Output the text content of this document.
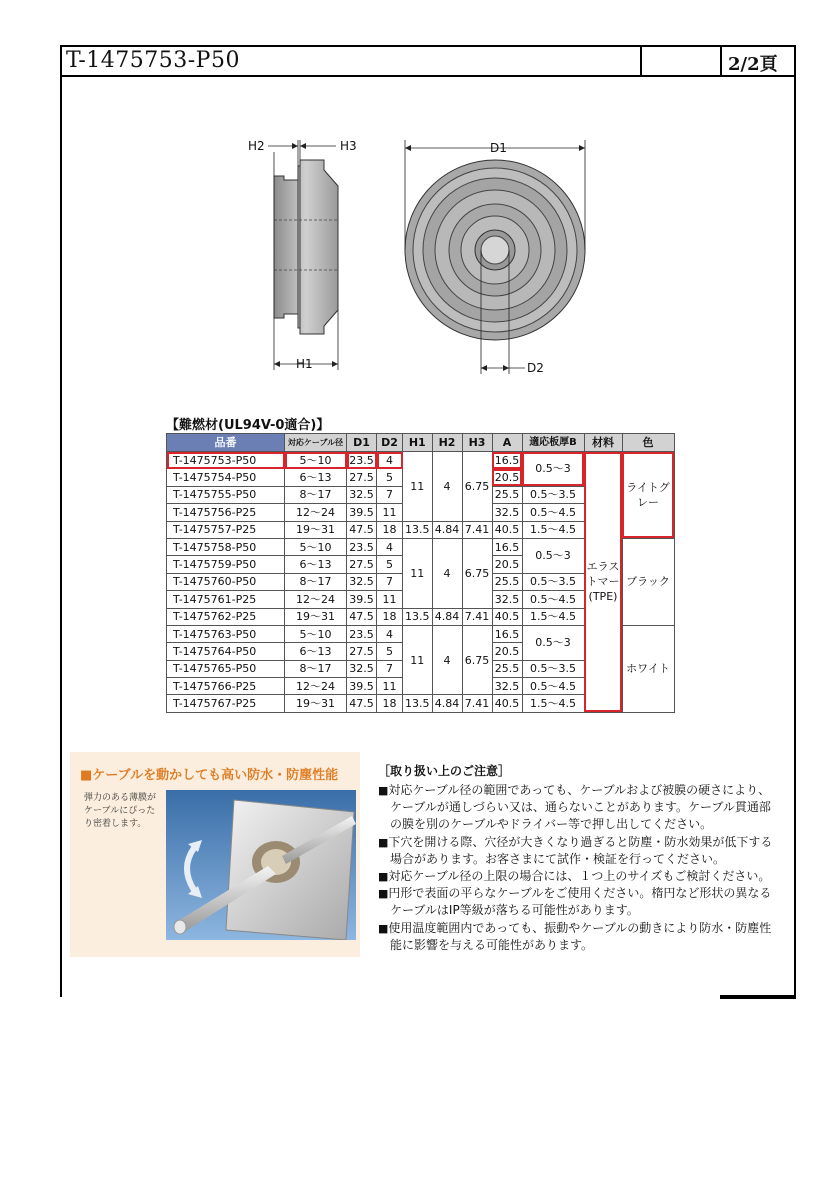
T-1475753-P50	2/2頁
H2	H3
H1
D1
D2
【難燃材(UL94V-0適合)】
品番	対応ケーブル径	D1	D2	H1	H2	H3	A	適応板厚B	材料	色
T-1475753-P50	5～10	23.5	4	11	4	6.75	16.5	0.5～3	エラストマー(TPE)	ライトグレー
T-1475754-P50	6～13	27.5	5				20.5			
T-1475755-P50	8～17	32.5	7				25.5	0.5～3.5		
T-1475756-P25	12～24	39.5	11				32.5	0.5～4.5		
T-1475757-P25	19～31	47.5	18	13.5	4.84	7.41	40.5	1.5～4.5		
T-1475758-P50	5～10	23.5	4	11	4	6.75	16.5	0.5～3		ブラック
T-1475759-P50	6～13	27.5	5				20.5			
T-1475760-P50	8～17	32.5	7				25.5	0.5～3.5		
T-1475761-P25	12～24	39.5	11				32.5	0.5～4.5		
T-1475762-P25	19～31	47.5	18	13.5	4.84	7.41	40.5	1.5～4.5		
T-1475763-P50	5～10	23.5	4	11	4	6.75	16.5	0.5～3		ホワイト
T-1475764-P50	6～13	27.5	5				20.5			
T-1475765-P50	8～17	32.5	7				25.5	0.5～3.5		
T-1475766-P25	12～24	39.5	11				32.5	0.5～4.5		
T-1475767-P25	19～31	47.5	18	13.5	4.84	7.41	40.5	1.5～4.5		
■ケーブルを動かしても高い防水・防塵性能
弾力のある薄膜がケーブルにぴったり密着します。
［取り扱い上のご注意］
■ 対応ケーブル径の範囲であっても、ケーブルおよび被膜の硬さにより、ケーブルが通しづらい又は、通らないことがあります。ケーブル貫通部の膜を別のケーブルやドライバー等で押し出してください。
■ 下穴を開ける際、穴径が大きくなり過ぎると防塵・防水効果が低下する場合があります。お客さまにて試作・検証を行ってください。
■ 対応ケーブル径の上限の場合には、１つ上のサイズもご検討ください。
■ 円形で表面の平らなケーブルをご使用ください。楕円など形状の異なるケーブルはIP等級が落ちる可能性があります。
■ 使用温度範囲内であっても、振動やケーブルの動きにより防水・防塵性能に影響を与える可能性があります。
